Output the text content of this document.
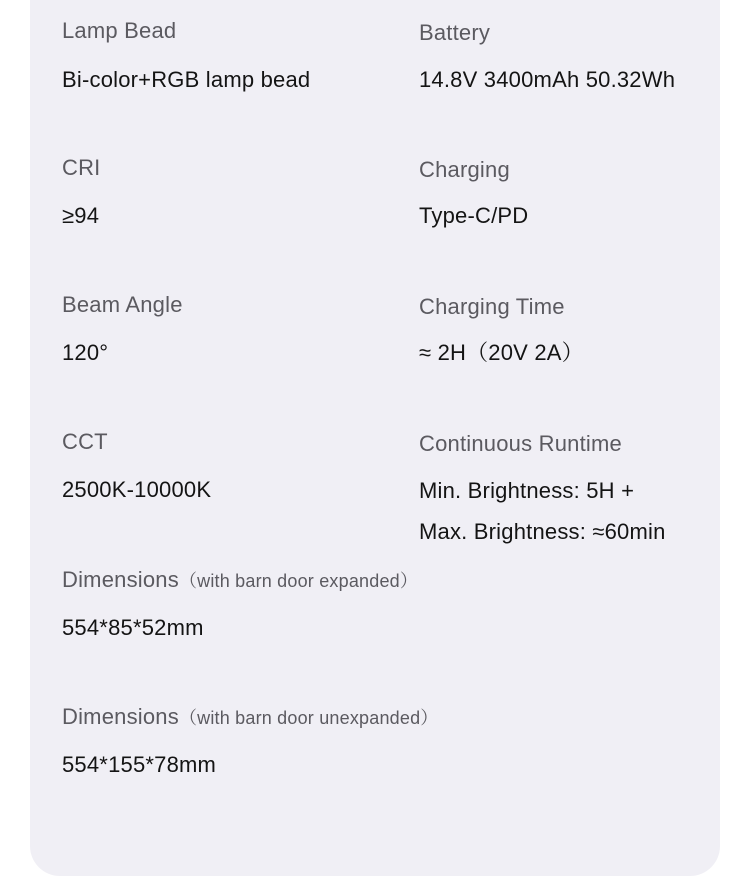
Lamp Bead
Bi-color+RGB lamp bead
Battery
14.8V 3400mAh 50.32Wh
CRI
≥94
Charging
Type-C/PD
Beam Angle
120°
Charging Time
≈ 2H（20V 2A）
CCT
2500K-10000K
Continuous Runtime
Min. Brightness: 5H +
Max. Brightness: ≈60min
Dimensions（with barn door expanded）
554*85*52mm
Dimensions（with barn door unexpanded）
554*155*78mm
